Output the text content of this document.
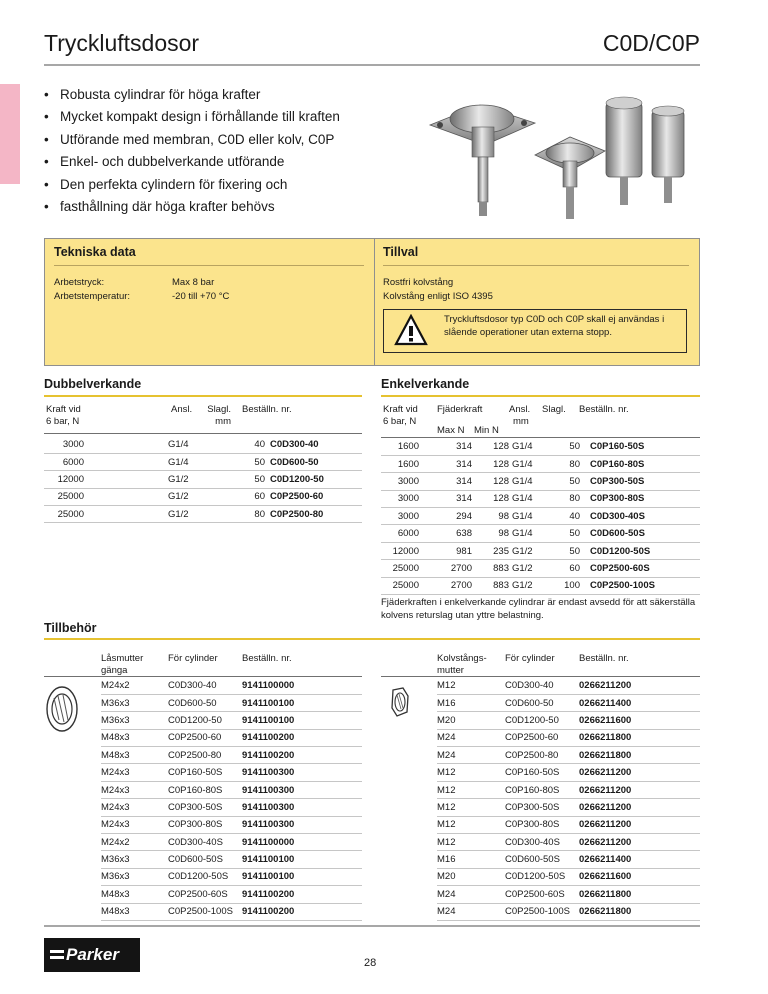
Tryckluftsdosor	C0D/C0P
• Robusta cylindrar för höga krafter
• Mycket kompakt design i förhållande till kraften
• Utförande med membran, C0D eller kolv, C0P
• Enkel- och dubbelverkande utförande
• Den perfekta cylindern för fixering och
• fasthållning där höga krafter behövs
Tekniska data
Arbetstryck:	Max 8 bar
Arbetstemperatur:	-20 till +70 °C
Tillval
Rostfri kolvstång
Kolvstång enligt ISO 4395
Tryckluftsdosor typ C0D och C0P skall ej användas i slående operationer utan externa stopp.
Dubbelverkande
Kraft vid
6 bar, N
Ansl. Slagl.
mm
Beställn. nr.
3000		G1/4	40	C0D300-40
6000		G1/4	50	C0D600-50
12000		G1/2	50	C0D1200-50
25000		G1/2	60	C0P2500-60
25000		G1/2	80	C0P2500-80
Enkelverkande
Kraft vid
6 bar, N
Fjäderkraft
Max N Min N
Ansl.
mm
Slagl. Beställn. nr.
1600	314	128	G1/4	50		C0P160-50S
1600	314	128	G1/4	80		C0P160-80S
3000	314	128	G1/4	50		C0P300-50S
3000	314	128	G1/4	80		C0P300-80S
3000	294	98	G1/4	40		C0D300-40S
6000	638	98	G1/4	50		C0D600-50S
12000	981	235	G1/2	50		C0D1200-50S
25000	2700	883	G1/2	60		C0P2500-60S
25000	2700	883	G1/2	100		C0P2500-100S
Fjäderkraften i enkelverkande cylindrar är endast avsedd för att säkerställa kolvens returslag utan yttre belastning.
Tillbehör
Låsmutter
gänga
För cylinder	Beställn. nr.	Kolvstångs-
mutter
För cylinder	Beställn. nr.
	M24x2	C0D300-40	9141100000
	M36x3	C0D600-50	9141100100
	M36x3	C0D1200-50	9141100100
	M48x3	C0P2500-60	9141100200
	M48x3	C0P2500-80	9141100200
	M24x3	C0P160-50S	9141100300
	M24x3	C0P160-80S	9141100300
	M24x3	C0P300-50S	9141100300
	M24x3	C0P300-80S	9141100300
	M24x2	C0D300-40S	9141100000
	M36x3	C0D600-50S	9141100100
	M36x3	C0D1200-50S	9141100100
	M48x3	C0P2500-60S	9141100200
	M48x3	C0P2500-100S	9141100200
	M12	C0D300-40	0266211200
	M16	C0D600-50	0266211400
	M20	C0D1200-50	0266211600
	M24	C0P2500-60	0266211800
	M24	C0P2500-80	0266211800
	M12	C0P160-50S	0266211200
	M12	C0P160-80S	0266211200
	M12	C0P300-50S	0266211200
	M12	C0P300-80S	0266211200
	M12	C0D300-40S	0266211200
	M16	C0D600-50S	0266211400
	M20	C0D1200-50S	0266211600
	M24	C0P2500-60S	0266211800
	M24	C0P2500-100S	0266211800
Parker	28
